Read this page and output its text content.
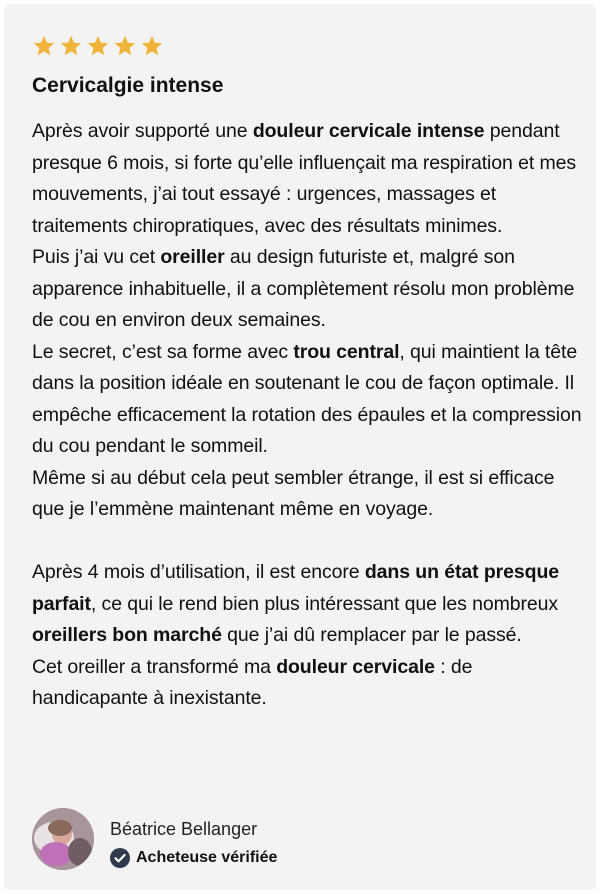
Cervicalgie intense

Après avoir supporté une douleur cervicale intense pendant presque 6 mois, si forte qu’elle influençait ma respiration et mes mouvements, j’ai tout essayé : urgences, massages et traitements chiropratiques, avec des résultats minimes.

Puis j’ai vu cet oreiller au design futuriste et, malgré son apparence inhabituelle, il a complètement résolu mon problème de cou en environ deux semaines.

Le secret, c’est sa forme avec trou central, qui maintient la tête dans la position idéale en soutenant le cou de façon optimale. Il empêche efficacement la rotation des épaules et la compression du cou pendant le sommeil.

Même si au début cela peut sembler étrange, il est si efficace que je l’emmène maintenant même en voyage.

Après 4 mois d’utilisation, il est encore dans un état presque parfait, ce qui le rend bien plus intéressant que les nombreux oreillers bon marché que j’ai dû remplacer par le passé.

Cet oreiller a transformé ma douleur cervicale : de handicapante à inexistante.

Béatrice Bellanger
Acheteuse vérifiée
